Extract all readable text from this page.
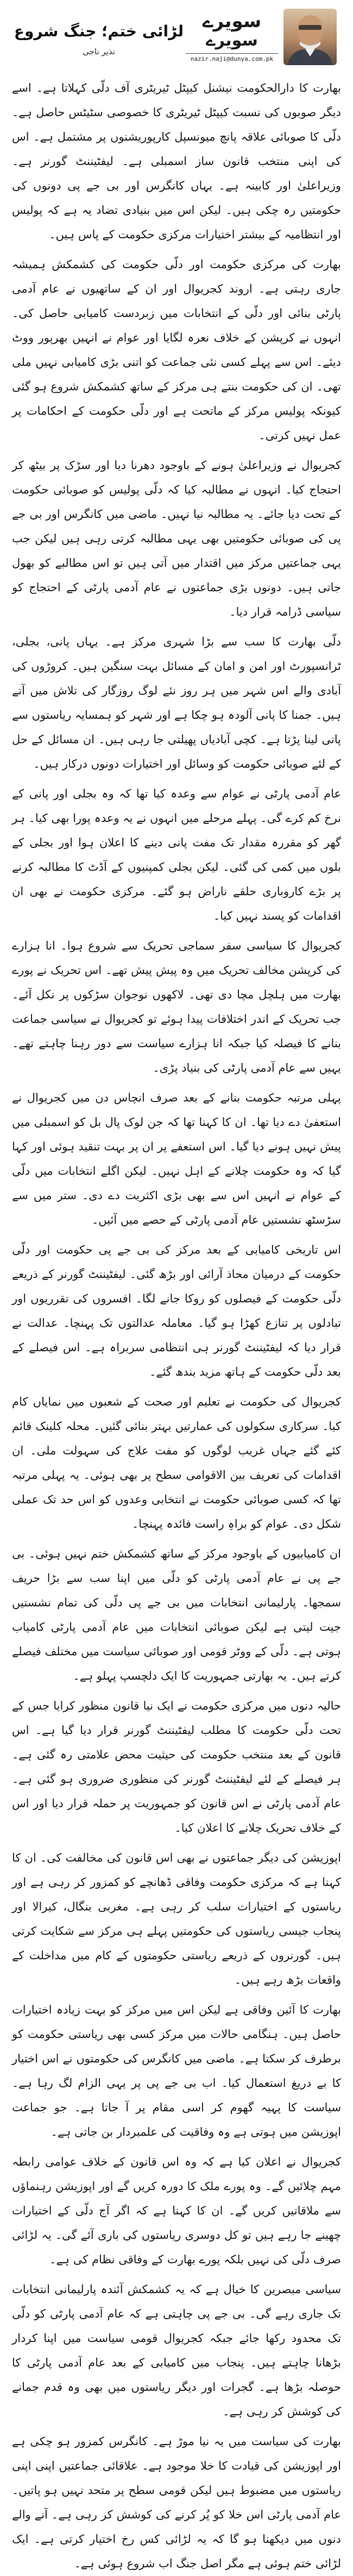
سویرے
سویرے
nazir.naji@dunya.com.pk
لڑائی ختم؛ جنگ شروع
نذیر ناجی

بھارت کا دارالحکومت نیشنل کیپٹل ٹیریٹری آف دلّی کہلاتا ہے۔ اسے دیگر صوبوں کی نسبت کیپٹل ٹیریٹری کا خصوصی سٹیٹس حاصل ہے۔ دلّی کا صوبائی علاقہ پانچ میونسپل کارپوریشنوں پر مشتمل ہے۔ اس کی اپنی منتخب قانون ساز اسمبلی ہے۔ لیفٹیننٹ گورنر ہے۔ وزیراعلیٰ اور کابینہ ہے۔ یہاں کانگرس اور بی جے پی دونوں کی حکومتیں رہ چکی ہیں۔ لیکن اس میں بنیادی تضاد یہ ہے کہ پولیس اور انتظامیہ کے بیشتر اختیارات مرکزی حکومت کے پاس ہیں۔

بھارت کی مرکزی حکومت اور دلّی حکومت کی کشمکش ہمیشہ جاری رہتی ہے۔ اروند کجریوال اور ان کے ساتھیوں نے عام آدمی پارٹی بنائی اور دلّی کے انتخابات میں زبردست کامیابی حاصل کی۔ انہوں نے کرپشن کے خلاف نعرہ لگایا اور عوام نے انہیں بھرپور ووٹ دیئے۔ اس سے پہلے کسی نئی جماعت کو اتنی بڑی کامیابی نہیں ملی تھی۔ ان کی حکومت بنتے ہی مرکز کے ساتھ کشمکش شروع ہو گئی کیونکہ پولیس مرکز کے ماتحت ہے اور دلّی حکومت کے احکامات پر عمل نہیں کرتی۔

کجریوال نے وزیراعلیٰ ہونے کے باوجود دھرنا دیا اور سڑک پر بیٹھ کر احتجاج کیا۔ انہوں نے مطالبہ کیا کہ دلّی پولیس کو صوبائی حکومت کے تحت دیا جائے۔ یہ مطالبہ نیا نہیں۔ ماضی میں کانگرس اور بی جے پی کی صوبائی حکومتیں بھی یہی مطالبہ کرتی رہی ہیں لیکن جب یہی جماعتیں مرکز میں اقتدار میں آتی ہیں تو اس مطالبے کو بھول جاتی ہیں۔ دونوں بڑی جماعتوں نے عام آدمی پارٹی کے احتجاج کو سیاسی ڈرامہ قرار دیا۔

دلّی بھارت کا سب سے بڑا شہری مرکز ہے۔ یہاں پانی، بجلی، ٹرانسپورٹ اور امن و امان کے مسائل بہت سنگین ہیں۔ کروڑوں کی آبادی والے اس شہر میں ہر روز نئے لوگ روزگار کی تلاش میں آتے ہیں۔ جمنا کا پانی آلودہ ہو چکا ہے اور شہر کو ہمسایہ ریاستوں سے پانی لینا پڑتا ہے۔ کچی آبادیاں پھیلتی جا رہی ہیں۔ ان مسائل کے حل کے لئے صوبائی حکومت کو وسائل اور اختیارات دونوں درکار ہیں۔

عام آدمی پارٹی نے عوام سے وعدہ کیا تھا کہ وہ بجلی اور پانی کے نرخ کم کرے گی۔ پہلے مرحلے میں انہوں نے یہ وعدہ پورا بھی کیا۔ ہر گھر کو مقررہ مقدار تک مفت پانی دینے کا اعلان ہوا اور بجلی کے بلوں میں کمی کی گئی۔ لیکن بجلی کمپنیوں کے آڈٹ کا مطالبہ کرنے پر بڑے کاروباری حلقے ناراض ہو گئے۔ مرکزی حکومت نے بھی ان اقدامات کو پسند نہیں کیا۔

کجریوال کا سیاسی سفر سماجی تحریک سے شروع ہوا۔ انا ہزارے کی کرپشن مخالف تحریک میں وہ پیش پیش تھے۔ اس تحریک نے پورے بھارت میں ہلچل مچا دی تھی۔ لاکھوں نوجوان سڑکوں پر نکل آئے۔ جب تحریک کے اندر اختلافات پیدا ہوئے تو کجریوال نے سیاسی جماعت بنانے کا فیصلہ کیا جبکہ انا ہزارے سیاست سے دور رہنا چاہتے تھے۔ یہیں سے عام آدمی پارٹی کی بنیاد پڑی۔

پہلی مرتبہ حکومت بنانے کے بعد صرف انچاس دن میں کجریوال نے استعفیٰ دے دیا تھا۔ ان کا کہنا تھا کہ جن لوک پال بل کو اسمبلی میں پیش نہیں ہونے دیا گیا۔ اس استعفے پر ان پر بہت تنقید ہوئی اور کہا گیا کہ وہ حکومت چلانے کے اہل نہیں۔ لیکن اگلے انتخابات میں دلّی کے عوام نے انہیں اس سے بھی بڑی اکثریت دے دی۔ ستر میں سے سڑسٹھ نشستیں عام آدمی پارٹی کے حصے میں آئیں۔

اس تاریخی کامیابی کے بعد مرکز کی بی جے پی حکومت اور دلّی حکومت کے درمیان محاذ آرائی اور بڑھ گئی۔ لیفٹیننٹ گورنر کے ذریعے دلّی حکومت کے فیصلوں کو روکا جانے لگا۔ افسروں کی تقرریوں اور تبادلوں پر تنازع کھڑا ہو گیا۔ معاملہ عدالتوں تک پہنچا۔ عدالت نے قرار دیا کہ لیفٹیننٹ گورنر ہی انتظامی سربراہ ہے۔ اس فیصلے کے بعد دلّی حکومت کے ہاتھ مزید بندھ گئے۔

کجریوال کی حکومت نے تعلیم اور صحت کے شعبوں میں نمایاں کام کیا۔ سرکاری سکولوں کی عمارتیں بہتر بنائی گئیں۔ محلہ کلینک قائم کئے گئے جہاں غریب لوگوں کو مفت علاج کی سہولت ملی۔ ان اقدامات کی تعریف بین الاقوامی سطح پر بھی ہوئی۔ یہ پہلی مرتبہ تھا کہ کسی صوبائی حکومت نے انتخابی وعدوں کو اس حد تک عملی شکل دی۔ عوام کو براہِ راست فائدہ پہنچا۔

ان کامیابیوں کے باوجود مرکز کے ساتھ کشمکش ختم نہیں ہوئی۔ بی جے پی نے عام آدمی پارٹی کو دلّی میں اپنا سب سے بڑا حریف سمجھا۔ پارلیمانی انتخابات میں بی جے پی دلّی کی تمام نشستیں جیت لیتی ہے لیکن صوبائی انتخابات میں عام آدمی پارٹی کامیاب ہوتی ہے۔ دلّی کے ووٹر قومی اور صوبائی سیاست میں مختلف فیصلے کرتے ہیں۔ یہ بھارتی جمہوریت کا ایک دلچسپ پہلو ہے۔

حالیہ دنوں میں مرکزی حکومت نے ایک نیا قانون منظور کرایا جس کے تحت دلّی حکومت کا مطلب لیفٹیننٹ گورنر قرار دیا گیا ہے۔ اس قانون کے بعد منتخب حکومت کی حیثیت محض علامتی رہ گئی ہے۔ ہر فیصلے کے لئے لیفٹیننٹ گورنر کی منظوری ضروری ہو گئی ہے۔ عام آدمی پارٹی نے اس قانون کو جمہوریت پر حملہ قرار دیا اور اس کے خلاف تحریک چلانے کا اعلان کیا۔

اپوزیشن کی دیگر جماعتوں نے بھی اس قانون کی مخالفت کی۔ ان کا کہنا ہے کہ مرکزی حکومت وفاقی ڈھانچے کو کمزور کر رہی ہے اور ریاستوں کے اختیارات سلب کر رہی ہے۔ مغربی بنگال، کیرالا اور پنجاب جیسی ریاستوں کی حکومتیں پہلے ہی مرکز سے شکایت کرتی ہیں۔ گورنروں کے ذریعے ریاستی حکومتوں کے کام میں مداخلت کے واقعات بڑھ رہے ہیں۔

بھارت کا آئین وفاقی ہے لیکن اس میں مرکز کو بہت زیادہ اختیارات حاصل ہیں۔ ہنگامی حالات میں مرکز کسی بھی ریاستی حکومت کو برطرف کر سکتا ہے۔ ماضی میں کانگرس کی حکومتوں نے اس اختیار کا بے دریغ استعمال کیا۔ اب بی جے پی پر یہی الزام لگ رہا ہے۔ سیاست کا پہیہ گھوم کر اسی مقام پر آ جاتا ہے۔ جو جماعت اپوزیشن میں ہوتی ہے وہ وفاقیت کی علمبردار بن جاتی ہے۔

کجریوال نے اعلان کیا ہے کہ وہ اس قانون کے خلاف عوامی رابطہ مہم چلائیں گے۔ وہ پورے ملک کا دورہ کریں گے اور اپوزیشن رہنماؤں سے ملاقاتیں کریں گے۔ ان کا کہنا ہے کہ اگر آج دلّی کے اختیارات چھینے جا رہے ہیں تو کل دوسری ریاستوں کی باری آئے گی۔ یہ لڑائی صرف دلّی کی نہیں بلکہ پورے بھارت کے وفاقی نظام کی ہے۔

سیاسی مبصرین کا خیال ہے کہ یہ کشمکش آئندہ پارلیمانی انتخابات تک جاری رہے گی۔ بی جے پی چاہتی ہے کہ عام آدمی پارٹی کو دلّی تک محدود رکھا جائے جبکہ کجریوال قومی سیاست میں اپنا کردار بڑھانا چاہتے ہیں۔ پنجاب میں کامیابی کے بعد عام آدمی پارٹی کا حوصلہ بڑھا ہے۔ گجرات اور دیگر ریاستوں میں بھی وہ قدم جمانے کی کوشش کر رہی ہے۔

بھارت کی سیاست میں یہ نیا موڑ ہے۔ کانگرس کمزور ہو چکی ہے اور اپوزیشن کی قیادت کا خلا موجود ہے۔ علاقائی جماعتیں اپنی اپنی ریاستوں میں مضبوط ہیں لیکن قومی سطح پر متحد نہیں ہو پاتیں۔ عام آدمی پارٹی اس خلا کو پُر کرنے کی کوشش کر رہی ہے۔ آنے والے دنوں میں دیکھنا ہو گا کہ یہ لڑائی کس رخ اختیار کرتی ہے۔ ایک لڑائی ختم ہوئی ہے مگر اصل جنگ اب شروع ہوئی ہے۔
